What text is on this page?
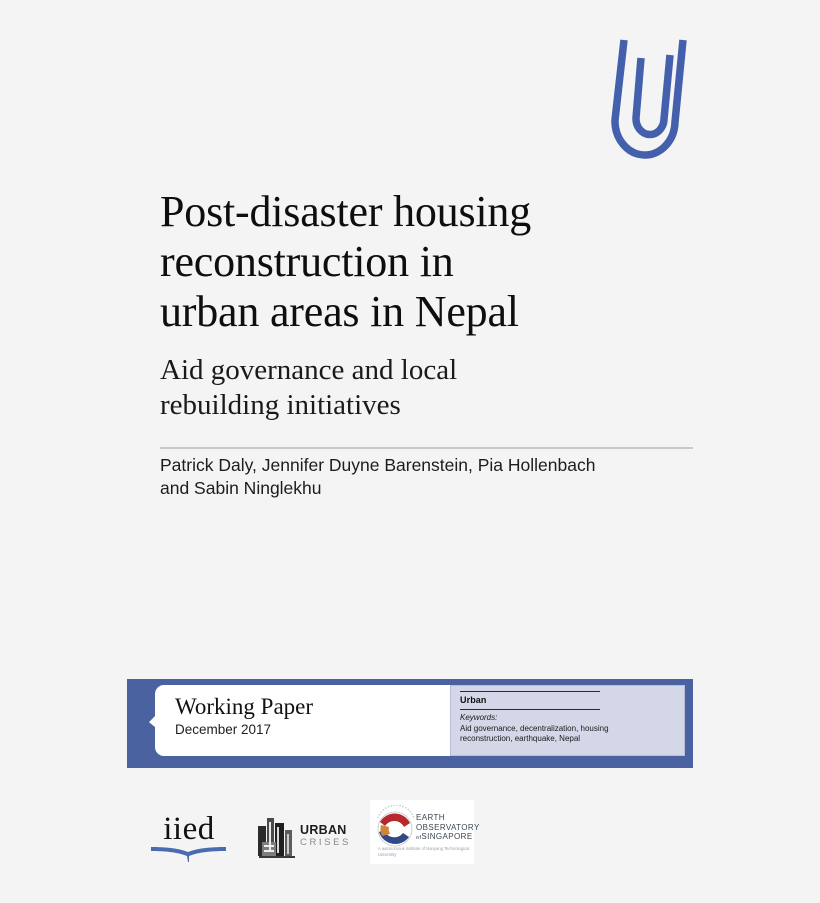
Post-disaster housing
reconstruction in
urban areas in Nepal
Aid governance and local
rebuilding initiatives
Patrick Daly, Jennifer Duyne Barenstein, Pia Hollenbach
and Sabin Ninglekhu
Working Paper
December 2017
Urban
Keywords:
Aid governance, decentralization, housing reconstruction, earthquake, Nepal
iied	URBAN
CRISES
EARTH
OBSERVATORY
ofSINGAPORE
A autonomous institute of Nanyang Technological University
